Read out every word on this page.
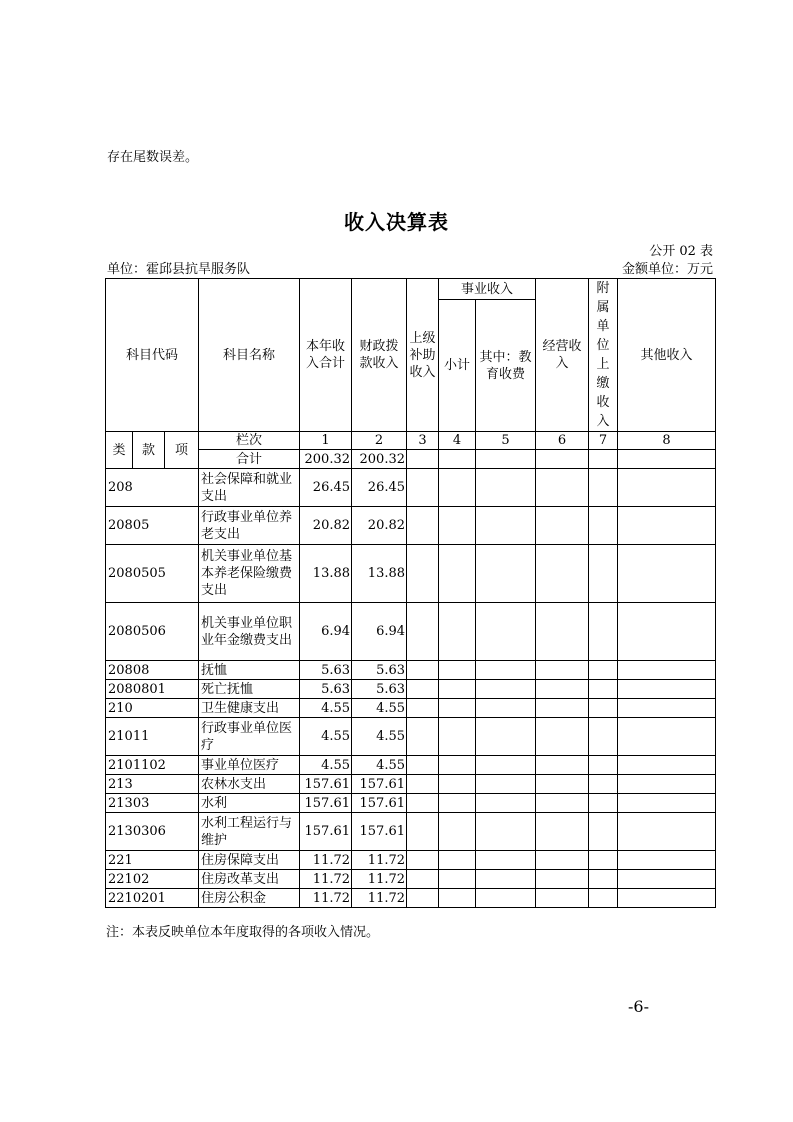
存在尾数误差。
收入决算表
公开 02 表
单位：霍邱县抗旱服务队	金额单位：万元
科目代码			科目名称	本年收入合计	财政拨款收入	上级补助收入	事业收入		经营收入	附属单位上缴收入	其他收入
							小计	其中：教育收费			
类	款	项	栏次	1	2	3	4	5	6	7	8
			合计	200.32	200.32						
208			社会保障和就业支出	26.45	26.45						
20805			行政事业单位养老支出	20.82	20.82						
2080505			机关事业单位基本养老保险缴费支出	13.88	13.88						
2080506			机关事业单位职业年金缴费支出	6.94	6.94						
20808			抚恤	5.63	5.63						
2080801			死亡抚恤	5.63	5.63						
210			卫生健康支出	4.55	4.55						
21011			行政事业单位医疗	4.55	4.55						
2101102			事业单位医疗	4.55	4.55						
213			农林水支出	157.61	157.61						
21303			水利	157.61	157.61						
2130306			水利工程运行与维护	157.61	157.61						
221			住房保障支出	11.72	11.72						
22102			住房改革支出	11.72	11.72						
2210201			住房公积金	11.72	11.72						
注：本表反映单位本年度取得的各项收入情况。
-6-
